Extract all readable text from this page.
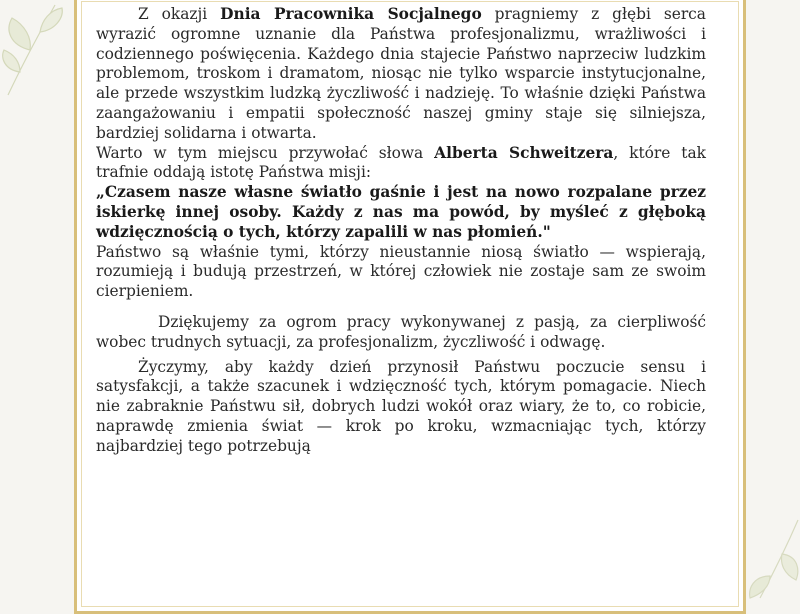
Z okazji Dnia Pracownika Socjalnego pragniemy z głębi serca wyrazić ogromne uznanie dla Państwa profesjonalizmu, wrażliwości i codziennego poświęcenia. Każdego dnia stajecie Państwo naprzeciw ludzkim problemom, troskom i dramatom, niosąc nie tylko wsparcie instytucjonalne, ale przede wszystkim ludzką życzliwość i nadzieję. To właśnie dzięki Państwa zaangażowaniu i empatii społeczność naszej gminy staje się silniejsza, bardziej solidarna i otwarta.

Warto w tym miejscu przywołać słowa Alberta Schweitzera, które tak trafnie oddają istotę Państwa misji:

„Czasem nasze własne światło gaśnie i jest na nowo rozpalane przez iskierkę innej osoby. Każdy z nas ma powód, by myśleć z głęboką wdzięcznością o tych, którzy zapalili w nas płomień."

Państwo są właśnie tymi, którzy nieustannie niosą światło — wspierają, rozumieją i budują przestrzeń, w której człowiek nie zostaje sam ze swoim cierpieniem.

Dziękujemy za ogrom pracy wykonywanej z pasją, za cierpliwość wobec trudnych sytuacji, za profesjonalizm, życzliwość i odwagę.

Życzymy, aby każdy dzień przynosił Państwu poczucie sensu i satysfakcji, a także szacunek i wdzięczność tych, którym pomagacie. Niech nie zabraknie Państwu sił, dobrych ludzi wokół oraz wiary, że to, co robicie, naprawdę zmienia świat — krok po kroku, wzmacniając tych, którzy najbardziej tego potrzebują
